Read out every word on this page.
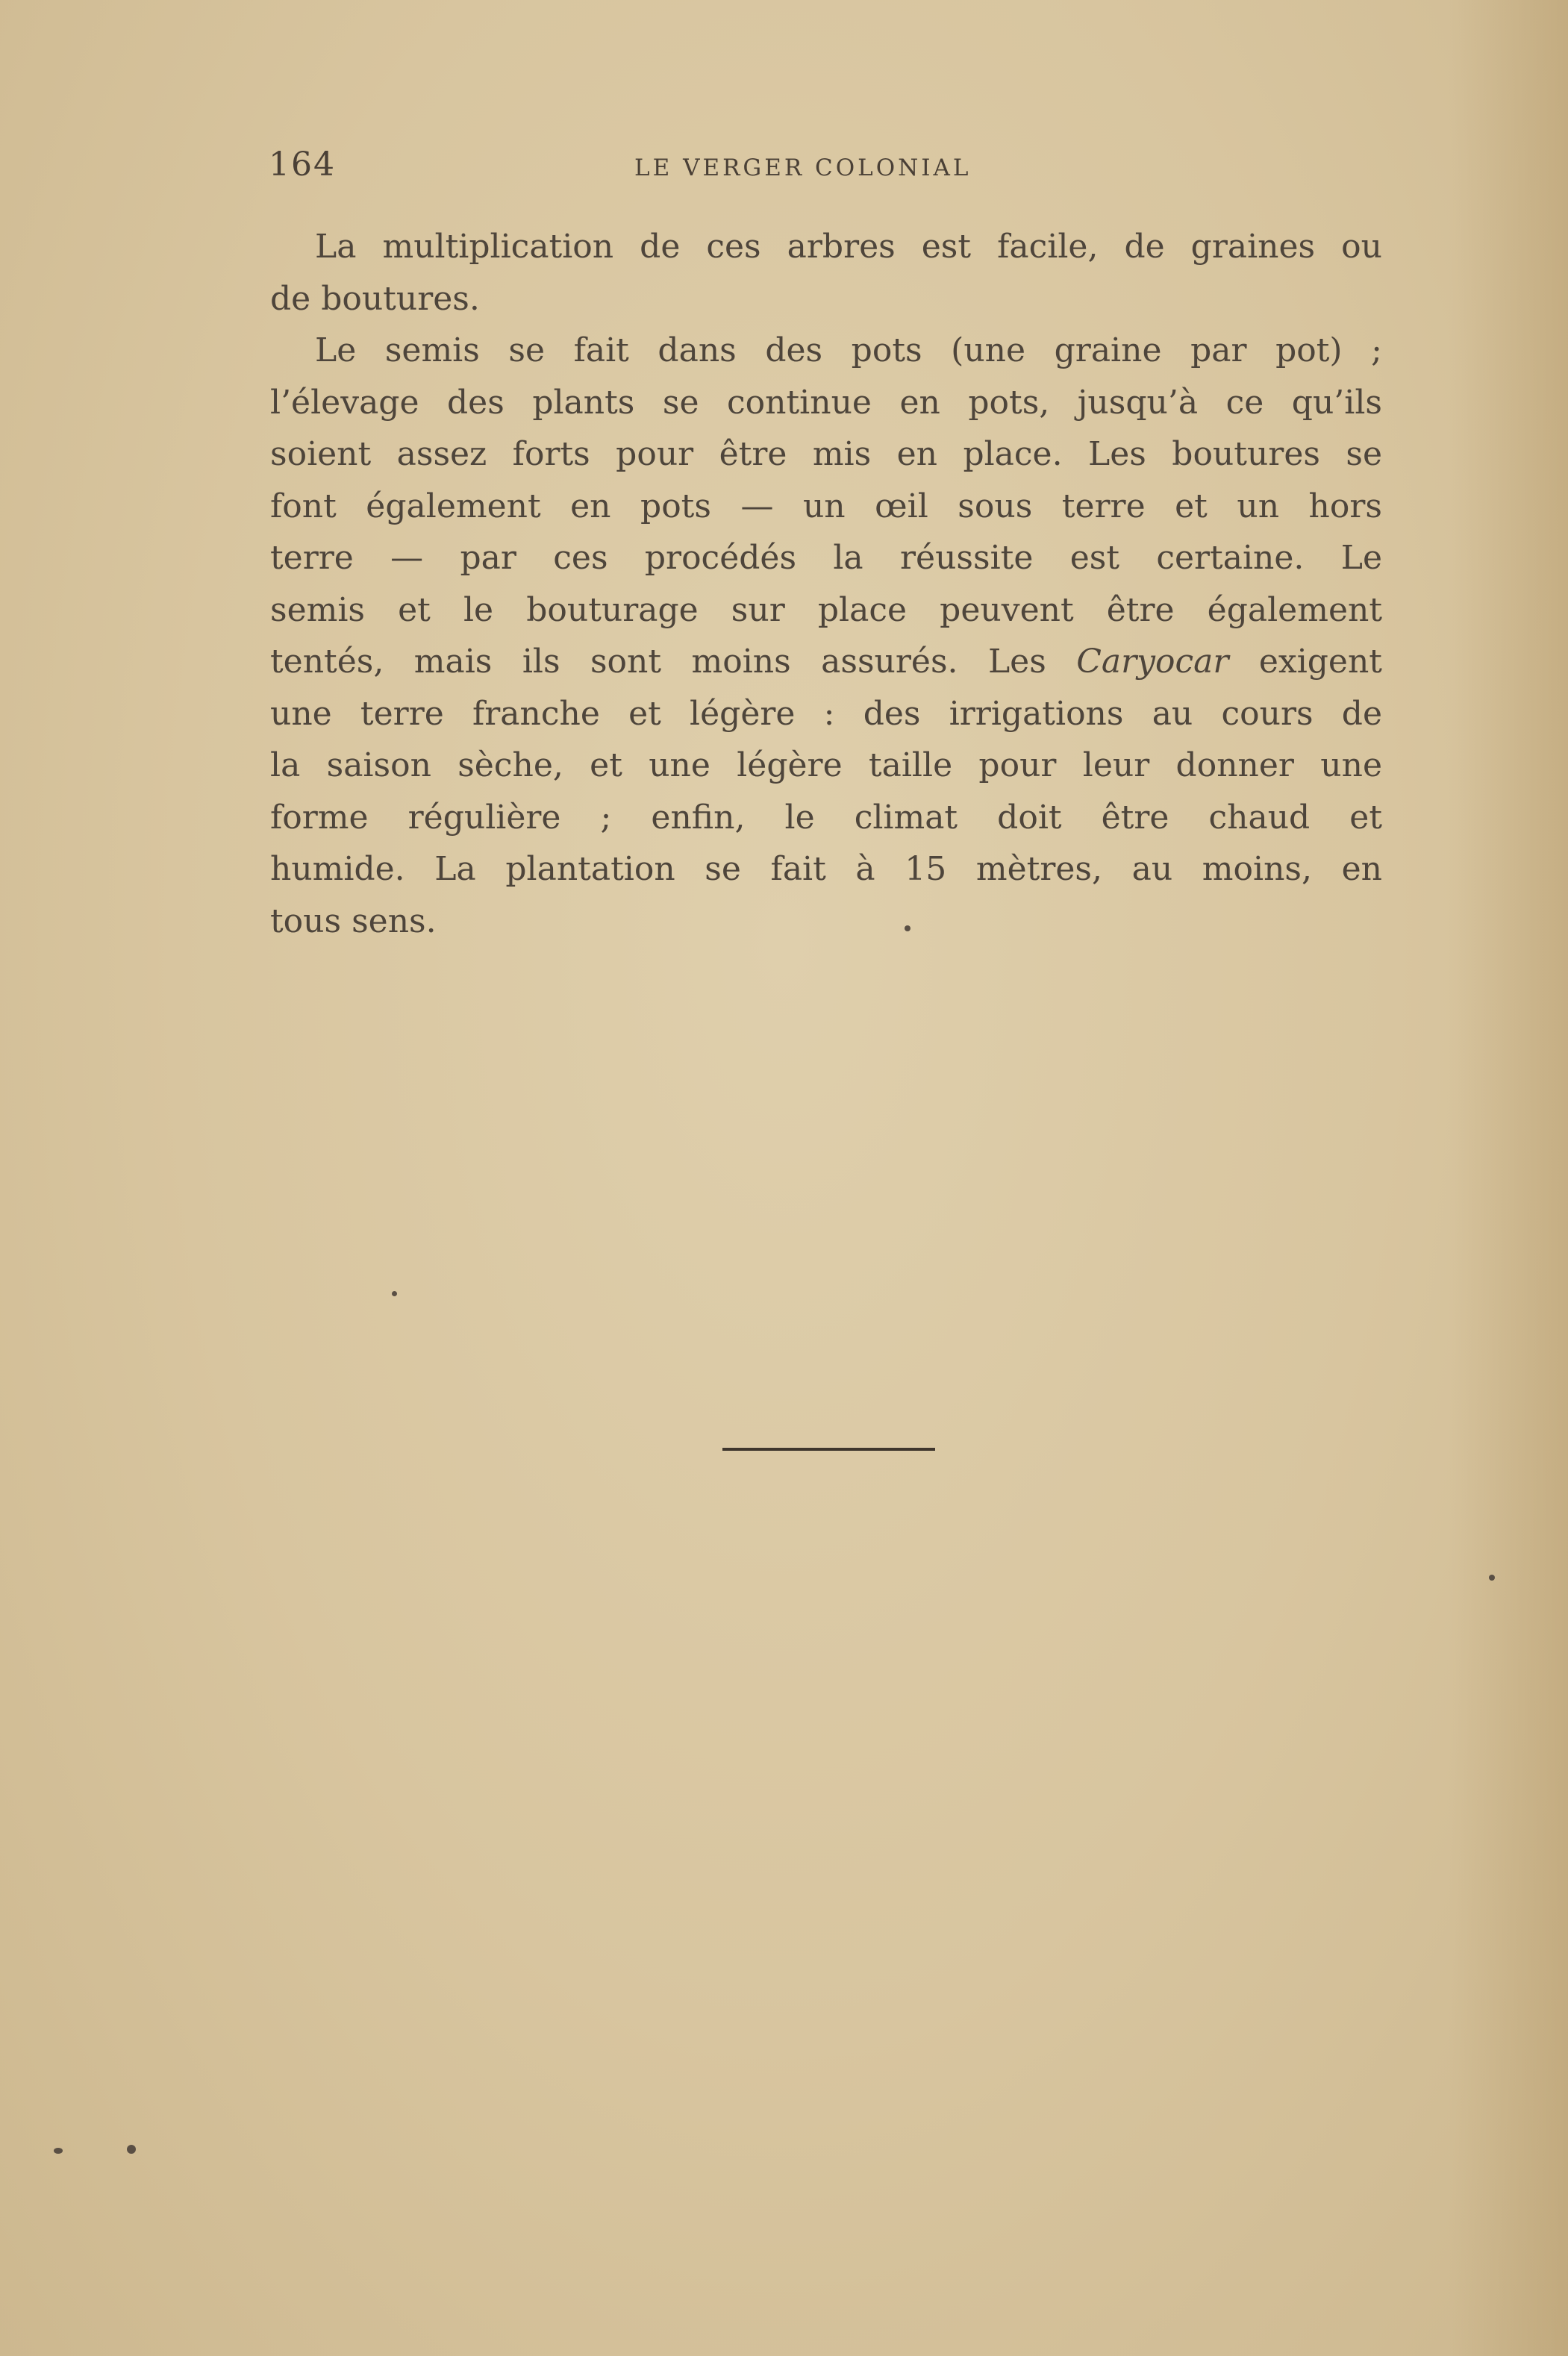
164	LE VERGER COLONIAL
La multiplication de ces arbres est facile, de graines ou
de boutures.
Le semis se fait dans des pots (une graine par pot) ;
l’élevage des plants se continue en pots, jusqu’à ce qu’ils
soient assez forts pour être mis en place. Les boutures se
font également en pots — un œil sous terre et un hors
terre — par ces procédés la réussite est certaine. Le
semis et le bouturage sur place peuvent être également
tentés, mais ils sont moins assurés. Les Caryocar exigent
une terre franche et légère : des irrigations au cours de
la saison sèche, et une légère taille pour leur donner une
forme régulière ; enfin, le climat doit être chaud et
humide. La plantation se fait à 15 mètres, au moins, en
tous sens.
